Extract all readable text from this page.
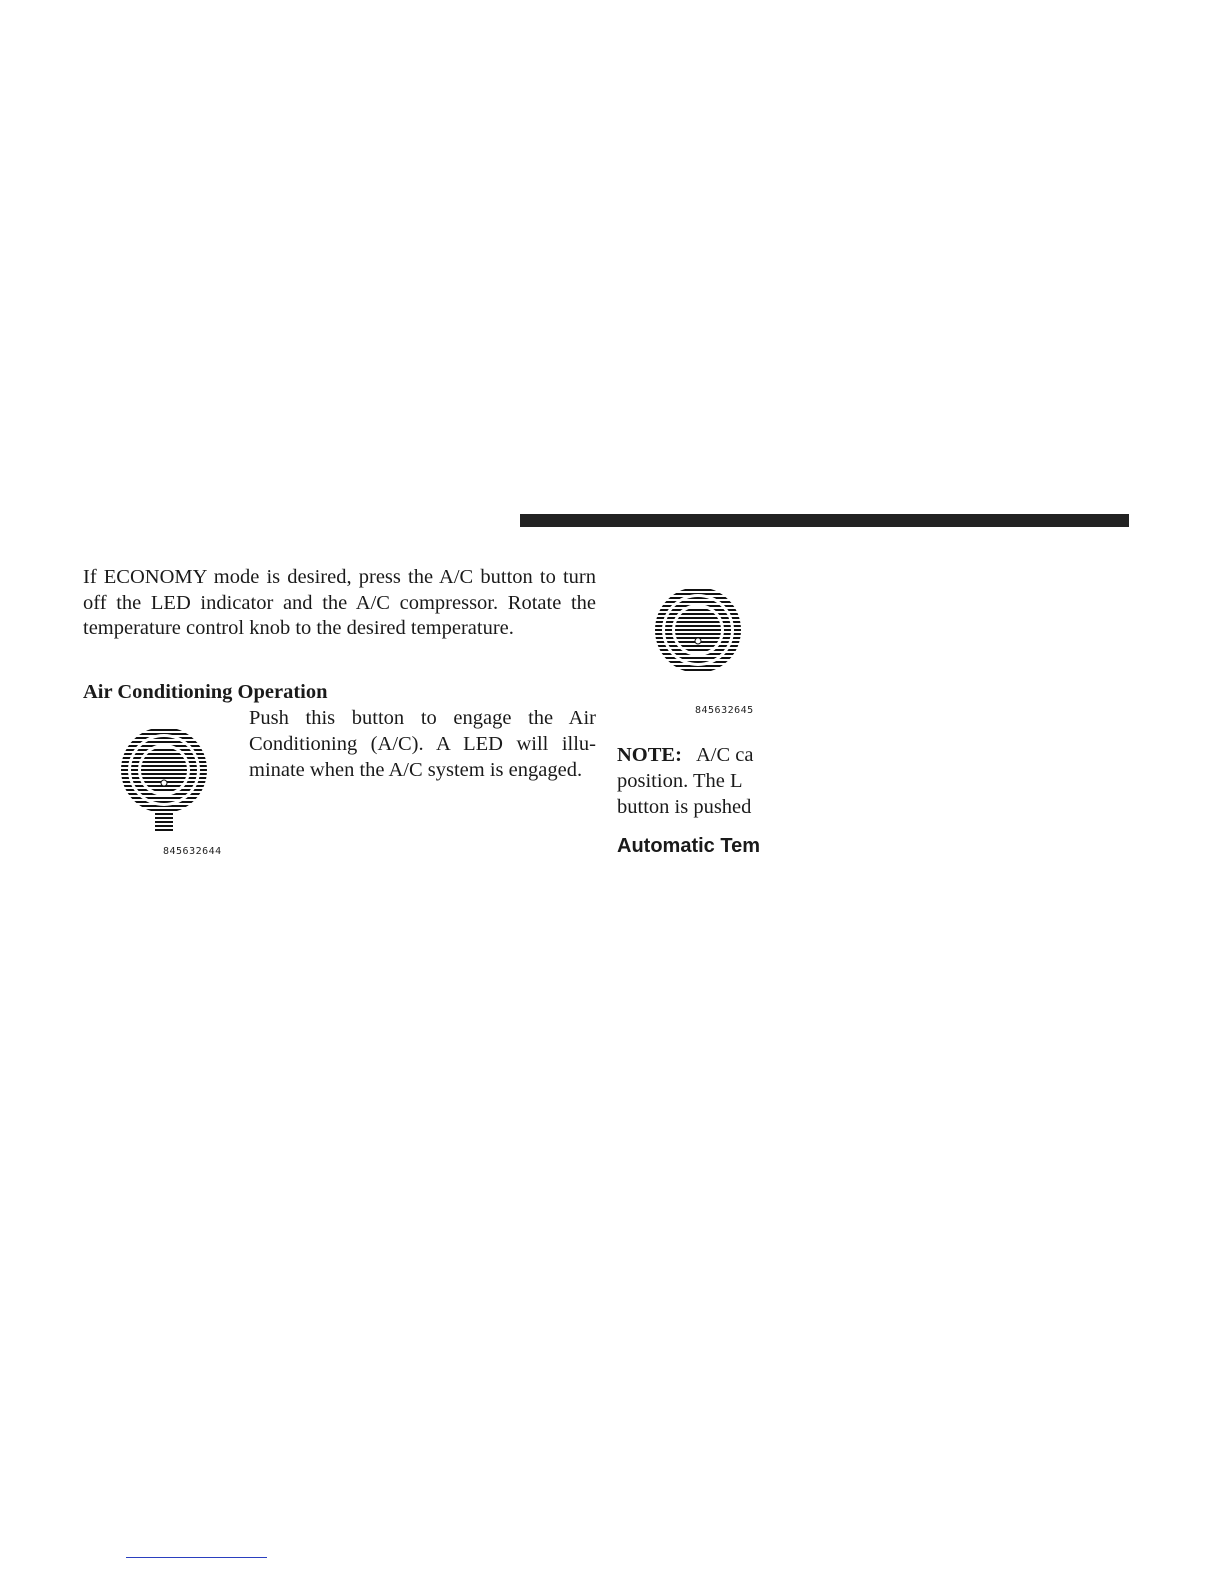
If ECONOMY mode is desired, press the A/C button to turn off the LED indicator and the A/C compressor. Rotate the temperature control knob to the desired temperature.

Air Conditioning Operation
845632644

Push this button to engage the Air Conditioning (A/C). A LED will illu-minate when the A/C system is engaged.

845632645

NOTE: A/C ca

position. The L

button is pushed

Automatic Tem
